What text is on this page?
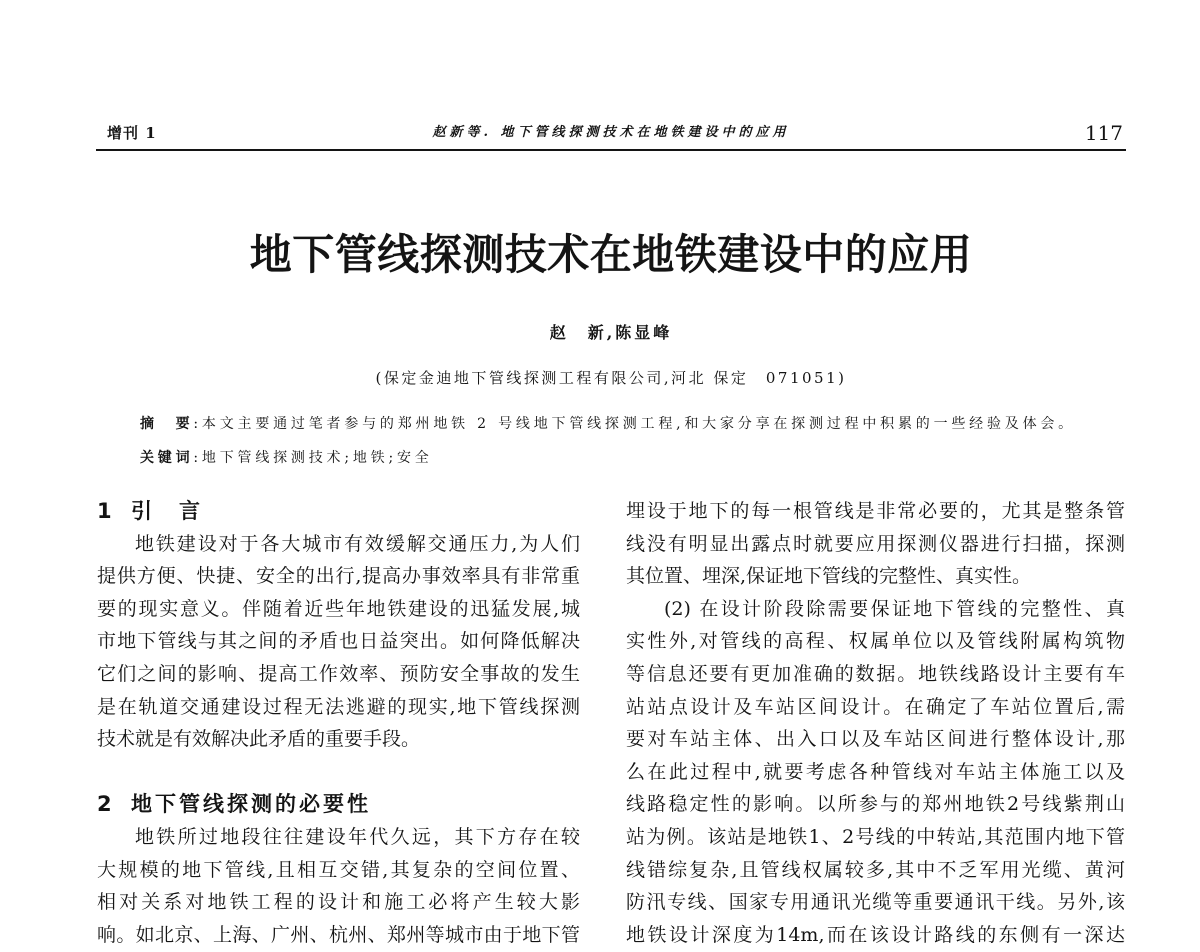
增刊 1	赵新等. 地下管线探测技术在地铁建设中的应用	117
地下管线探测技术在地铁建设中的应用
赵　新,陈显峰
(保定金迪地下管线探测工程有限公司,河北 保定　071051)
摘　要:本文主要通过笔者参与的郑州地铁 2 号线地下管线探测工程,和大家分享在探测过程中积累的一些经验及体会。
关键词:地下管线探测技术;地铁;安全
1 引　言
地铁建设对于各大城市有效缓解交通压力,为人们
提供方便、快捷、安全的出行,提高办事效率具有非常重
要的现实意义。伴随着近些年地铁建设的迅猛发展,城
市地下管线与其之间的矛盾也日益突出。如何降低解决
它们之间的影响、提高工作效率、预防安全事故的发生
是在轨道交通建设过程无法逃避的现实,地下管线探测
技术就是有效解决此矛盾的重要手段。
2 地下管线探测的必要性
地铁所过地段往往建设年代久远，其下方存在较
大规模的地下管线,且相互交错,其复杂的空间位置、
相对关系对地铁工程的设计和施工必将产生较大影
响。如北京、上海、广州、杭州、郑州等城市由于地下管
埋设于地下的每一根管线是非常必要的，尤其是整条管
线没有明显出露点时就要应用探测仪器进行扫描，探测
其位置、埋深,保证地下管线的完整性、真实性。
(2) 在设计阶段除需要保证地下管线的完整性、真
实性外,对管线的高程、权属单位以及管线附属构筑物
等信息还要有更加准确的数据。地铁线路设计主要有车
站站点设计及车站区间设计。在确定了车站位置后,需
要对车站主体、出入口以及车站区间进行整体设计,那
么在此过程中,就要考虑各种管线对车站主体施工以及
线路稳定性的影响。以所参与的郑州地铁2号线紫荆山
站为例。该站是地铁1、2号线的中转站,其范围内地下管
线错综复杂,且管线权属较多,其中不乏军用光缆、黄河
防汛专线、国家专用通讯光缆等重要通讯干线。另外,该
地铁设计深度为14m,而在该设计路线的东侧有一深达
